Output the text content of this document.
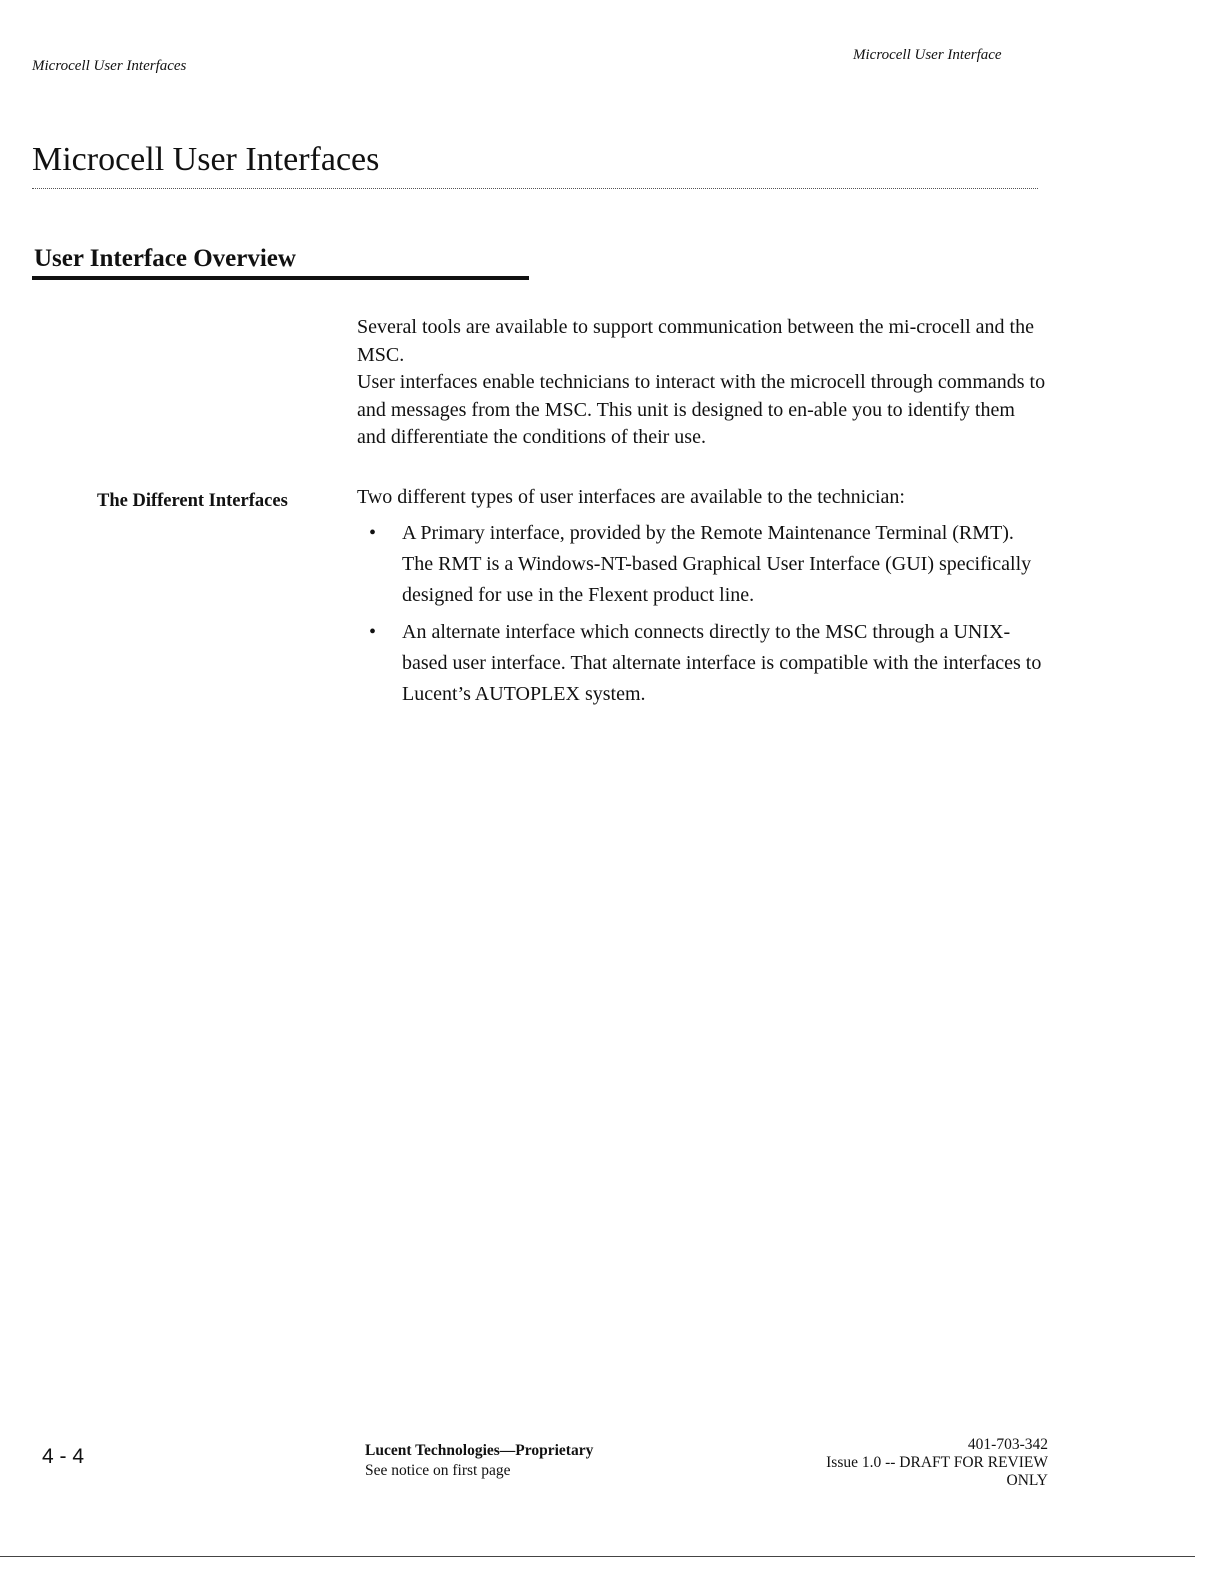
Microcell User Interfaces
Microcell User Interface
Microcell User Interfaces
User Interface Overview

Several tools are available to support communication between the mi-crocell and the MSC.

User interfaces enable technicians to interact with the microcell through commands to and messages from the MSC. This unit is designed to en-able you to identify them and differentiate the conditions of their use.

The Different Interfaces	Two different types of user interfaces are available to the technician:

• A Primary interface, provided by the Remote Maintenance Terminal (RMT). The RMT is a Windows-NT-based Graphical User Interface (GUI) specifically designed for use in the Flexent product line.
• An alternate interface which connects directly to the MSC through a UNIX-based user interface. That alternate interface is compatible with the interfaces to Lucent’s AUTOPLEX system.
4 - 4	Lucent Technologies—Proprietary
See notice on first page
401-703-342
Issue 1.0 -- DRAFT FOR REVIEW
ONLY
